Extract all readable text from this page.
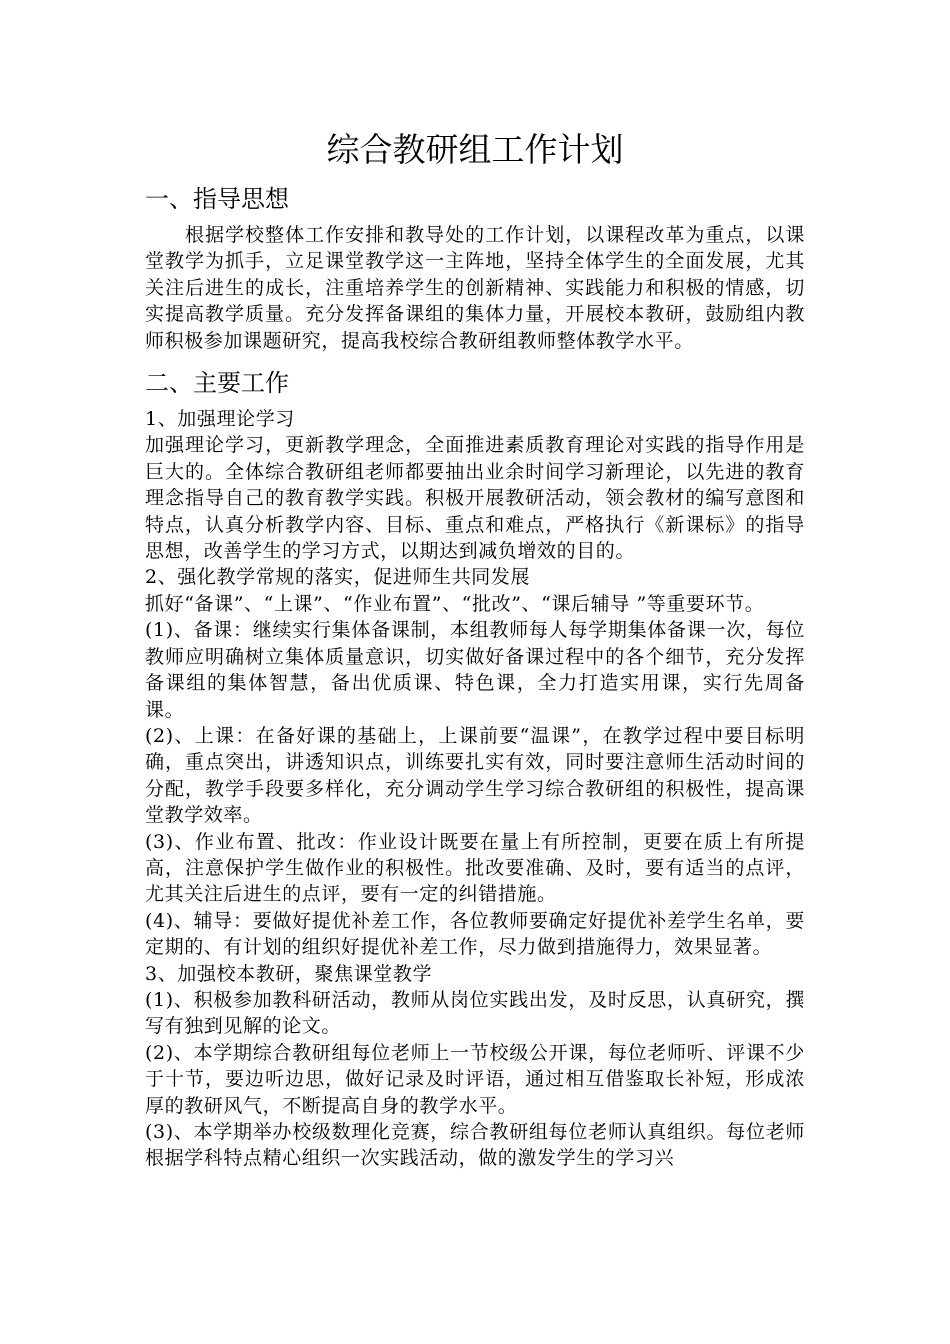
综合教研组工作计划
一、指导思想

根据学校整体工作安排和教导处的工作计划，以课程改革为重点，以课堂教学为抓手，立足课堂教学这一主阵地，坚持全体学生的全面发展，尤其关注后进生的成长，注重培养学生的创新精神、实践能力和积极的情感，切实提高教学质量。充分发挥备课组的集体力量，开展校本教研，鼓励组内教师积极参加课题研究，提高我校综合教研组教师整体教学水平。

二、主要工作

1、加强理论学习

加强理论学习，更新教学理念，全面推进素质教育理论对实践的指导作用是巨大的。全体综合教研组老师都要抽出业余时间学习新理论，以先进的教育理念指导自己的教育教学实践。积极开展教研活动，领会教材的编写意图和特点，认真分析教学内容、目标、重点和难点，严格执行《新课标》的指导思想，改善学生的学习方式，以期达到减负增效的目的。

2、强化教学常规的落实，促进师生共同发展

抓好“备课”、“上课”、“作业布置”、“批改”、“课后辅导 ”等重要环节。

(1)、备课：继续实行集体备课制，本组教师每人每学期集体备课一次，每位教师应明确树立集体质量意识，切实做好备课过程中的各个细节，充分发挥备课组的集体智慧，备出优质课、特色课，全力打造实用课，实行先周备课。

(2)、上课：在备好课的基础上，上课前要“温课”，在教学过程中要目标明确，重点突出，讲透知识点，训练要扎实有效，同时要注意师生活动时间的分配，教学手段要多样化，充分调动学生学习综合教研组的积极性，提高课堂教学效率。

(3)、作业布置、批改：作业设计既要在量上有所控制，更要在质上有所提高，注意保护学生做作业的积极性。批改要准确、及时，要有适当的点评，尤其关注后进生的点评，要有一定的纠错措施。

(4)、辅导：要做好提优补差工作，各位教师要确定好提优补差学生名单，要定期的、有计划的组织好提优补差工作，尽力做到措施得力，效果显著。

3、加强校本教研，聚焦课堂教学

(1)、积极参加教科研活动，教师从岗位实践出发，及时反思，认真研究，撰写有独到见解的论文。

(2)、本学期综合教研组每位老师上一节校级公开课，每位老师听、评课不少于十节，要边听边思，做好记录及时评语，通过相互借鉴取长补短，形成浓厚的教研风气，不断提高自身的教学水平。

(3)、本学期举办校级数理化竞赛，综合教研组每位老师认真组织。每位老师根据学科特点精心组织一次实践活动，做的激发学生的学习兴
